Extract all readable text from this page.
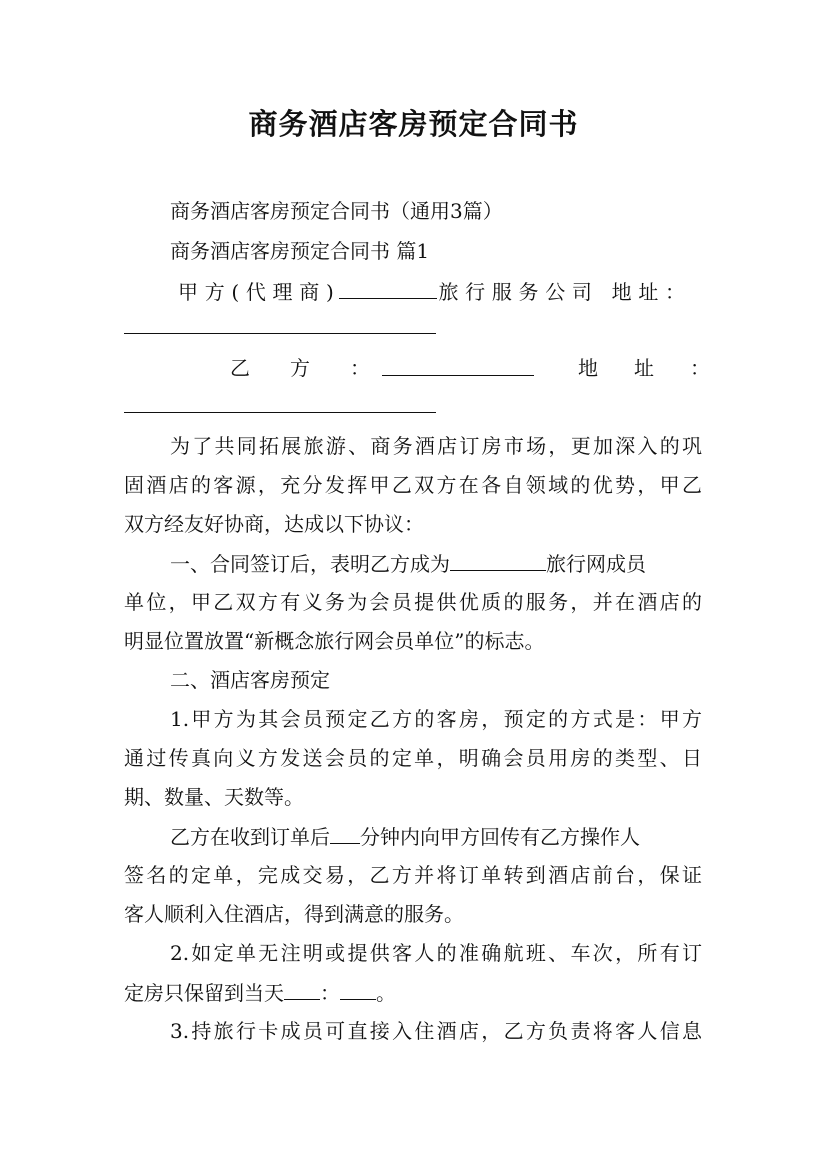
商务酒店客房预定合同书
商务酒店客房预定合同书（通用3篇）
商务酒店客房预定合同书 篇1
甲方(代理商)	旅行服务公司 地址：
乙方：	地址：
为了共同拓展旅游、商务酒店订房市场，更加深入的巩
固酒店的客源，充分发挥甲乙双方在各自领域的优势，甲乙
双方经友好协商，达成以下协议：
一、合同签订后，表明乙方成为	旅行网成员
单位，甲乙双方有义务为会员提供优质的服务，并在酒店的
明显位置放置“新概念旅行网会员单位”的标志。
二、酒店客房预定
1.甲方为其会员预定乙方的客房，预定的方式是：甲方
通过传真向义方发送会员的定单，明确会员用房的类型、日
期、数量、天数等。
乙方在收到订单后 分钟内向甲方回传有乙方操作人
签名的定单，完成交易，乙方并将订单转到酒店前台，保证
客人顺利入住酒店，得到满意的服务。
2.如定单无注明或提供客人的准确航班、车次，所有订
定房只保留到当天 ： 。
3.持旅行卡成员可直接入住酒店，乙方负责将客人信息
